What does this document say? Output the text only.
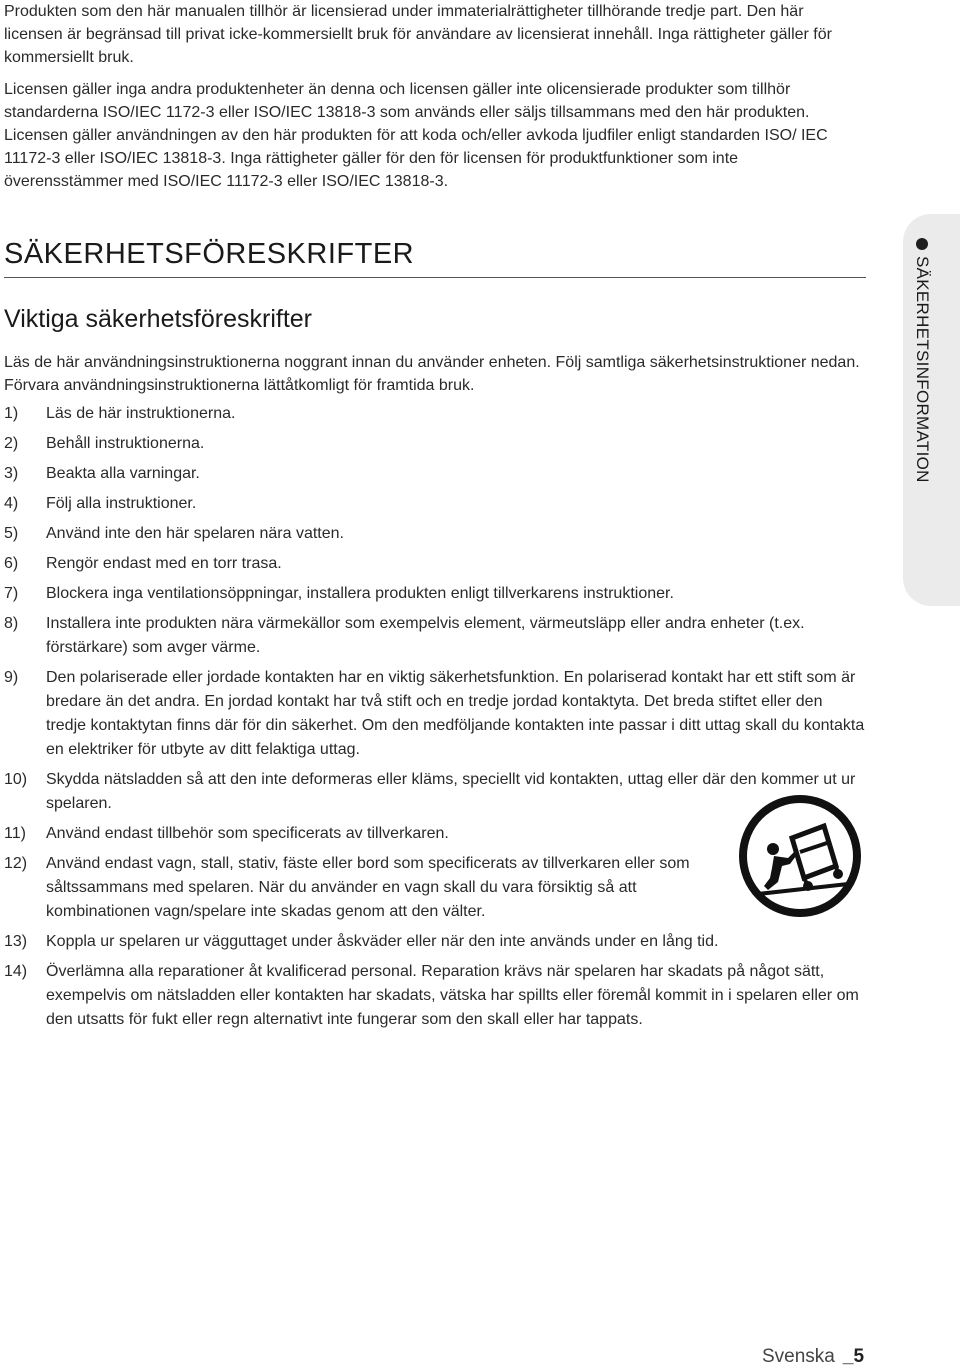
Produkten som den här manualen tillhör är licensierad under immaterialrättigheter tillhörande tredje part. Den här licensen är begränsad till privat icke-kommersiellt bruk för användare av licensierat innehåll. Inga rättigheter gäller för kommersiellt bruk.

Licensen gäller inga andra produktenheter än denna och licensen gäller inte olicensierade produkter som tillhör standarderna ISO/IEC 1172-3 eller ISO/IEC 13818-3 som används eller säljs tillsammans med den här produkten. Licensen gäller användningen av den här produkten för att koda och/eller avkoda ljudfiler enligt standarden ISO/ IEC 11172-3 eller ISO/IEC 13818-3. Inga rättigheter gäller för den för licensen för produktfunktioner som inte överensstämmer med ISO/IEC 11172-3 eller ISO/IEC 13818-3.

SÄKERHETSFÖRESKRIFTER
Viktiga säkerhetsföreskrifter

Läs de här användningsinstruktionerna noggrant innan du använder enheten. Följ samtliga säkerhetsinstruktioner nedan. Förvara användningsinstruktionerna lättåtkomligt för framtida bruk.

1)	Läs de här instruktionerna.
2)	Behåll instruktionerna.
3)	Beakta alla varningar.
4)	Följ alla instruktioner.
5)	Använd inte den här spelaren nära vatten.
6)	Rengör endast med en torr trasa.
7)	Blockera inga ventilationsöppningar, installera produkten enligt tillverkarens instruktioner.
8)	Installera inte produkten nära värmekällor som exempelvis element, värmeutsläpp eller andra enheter (t.ex. förstärkare) som avger värme.
9)	Den polariserade eller jordade kontakten har en viktig säkerhetsfunktion. En polariserad kontakt har ett stift som är bredare än det andra. En jordad kontakt har två stift och en tredje jordad kontaktyta. Det breda stiftet eller den tredje kontaktytan finns där för din säkerhet. Om den medföljande kontakten inte passar i ditt uttag skall du kontakta en elektriker för utbyte av ditt felaktiga uttag.
10)	Skydda nätsladden så att den inte deformeras eller kläms, speciellt vid kontakten, uttag eller där den kommer ut ur spelaren.
11)	Använd endast tillbehör som specificerats av tillverkaren.
12)	Använd endast vagn, stall, stativ, fäste eller bord som specificerats av tillverkaren eller som såltssammans med spelaren. När du använder en vagn skall du vara försiktig så att kombinationen vagn/spelare inte skadas genom att den välter.
13)	Koppla ur spelaren ur vägguttaget under åskväder eller när den inte används under en lång tid.
14)	Överlämna alla reparationer åt kvalificerad personal. Reparation krävs när spelaren har skadats på något sätt, exempelvis om nätsladden eller kontakten har skadats, vätska har spillts eller föremål kommit in i spelaren eller om den utsatts för fukt eller regn alternativt inte fungerar som den skall eller har tappats.
SÄKERHETSINFORMATION
Svenska _5
